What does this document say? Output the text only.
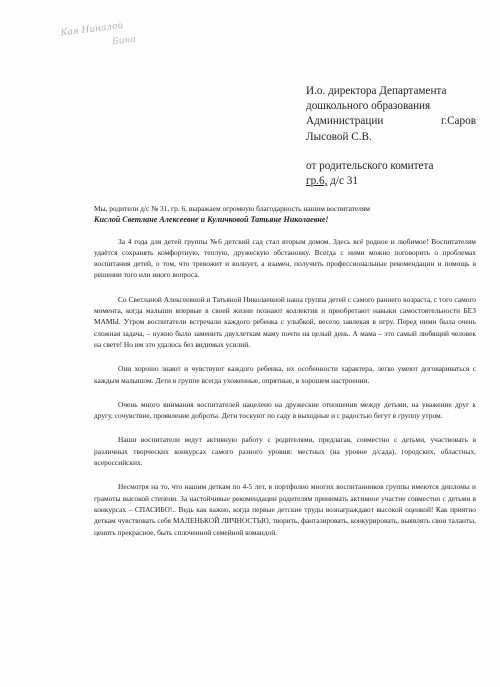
Кая Ниналой
Бина
И.о. директора Департамента
дошкольного образования
Администрации	г.Саров
Лысовой С.В.
от родительского комитета
гр.6, д/с 31

Мы, родители д/с № 31, гр. 6, выражаем огромную благодарность нашим воспитателям

Кислой Светлане Алексеевне и Куличковой Татьяне Николаевне!

За 4 года для детей группы №6 детский сад стал вторым домом. Здесь всё родное и любимое! Воспитателям удаётся сохранять комфортную, теплую, дружескую обстановку. Всегда с ними можно поговорить о проблемах воспитания детей, о том, что тревожит и волнует, а взамен, получить профессиональные рекомендации и помощь в решении того или иного вопроса.

Со Светланой Алексеевной и Татьяной Николаевной наша группа детей с самого раннего возраста, с того самого момента, когда малыши впервые в своей жизни познают коллектив и приобретают навыки самостоятельности БЕЗ МАМЫ. Утром воспитатели встречали каждого ребенка с улыбкой, весело завлекая в игру. Перед ними была очень сложная задача, – нужно было заменить двухлеткам маму почти на целый день. А мама – это самый любящий человек на свете! Но им это удалось без видимых усилий.

Они хорошо знают и чувствуют каждого ребенка, их особенности характера, легко умеют договариваться с каждым малышом. Дети в группе всегда ухоженные, опрятные, в хорошем настроении.

Очень много внимания воспитателей нацелено на дружеские отношения между детьми, на уважение друг к другу, сочувствие, проявление доброты. Дети тоскуют по саду в выходные и с радостью бегут в группу утром.

Наши воспитатели ведут активную работу с родителями, предлагая, совместно с детьми, участвовать в различных творческих конкурсах самого разного уровня: местных (на уровне д/сада), городских, областных, всероссийских.

Несмотря на то, что нашим деткам по 4-5 лет, в портфолио многих воспитанников группы имеются дипломы и грамоты высокой степени. За настойчивые рекомендации родителям принимать активное участие совместно с детьми в конкурсах – СПАСИБО!.. Ведь как важно, когда первые детские труды вознаграждают высокой оценкой! Как приятно деткам чувствовать себя МАЛЕНЬКОЙ ЛИЧНОСТЬЮ, творить, фантазировать, конкурировать, выявлять свои таланты, ценить прекрасное, быть сплоченной семейной командой.
